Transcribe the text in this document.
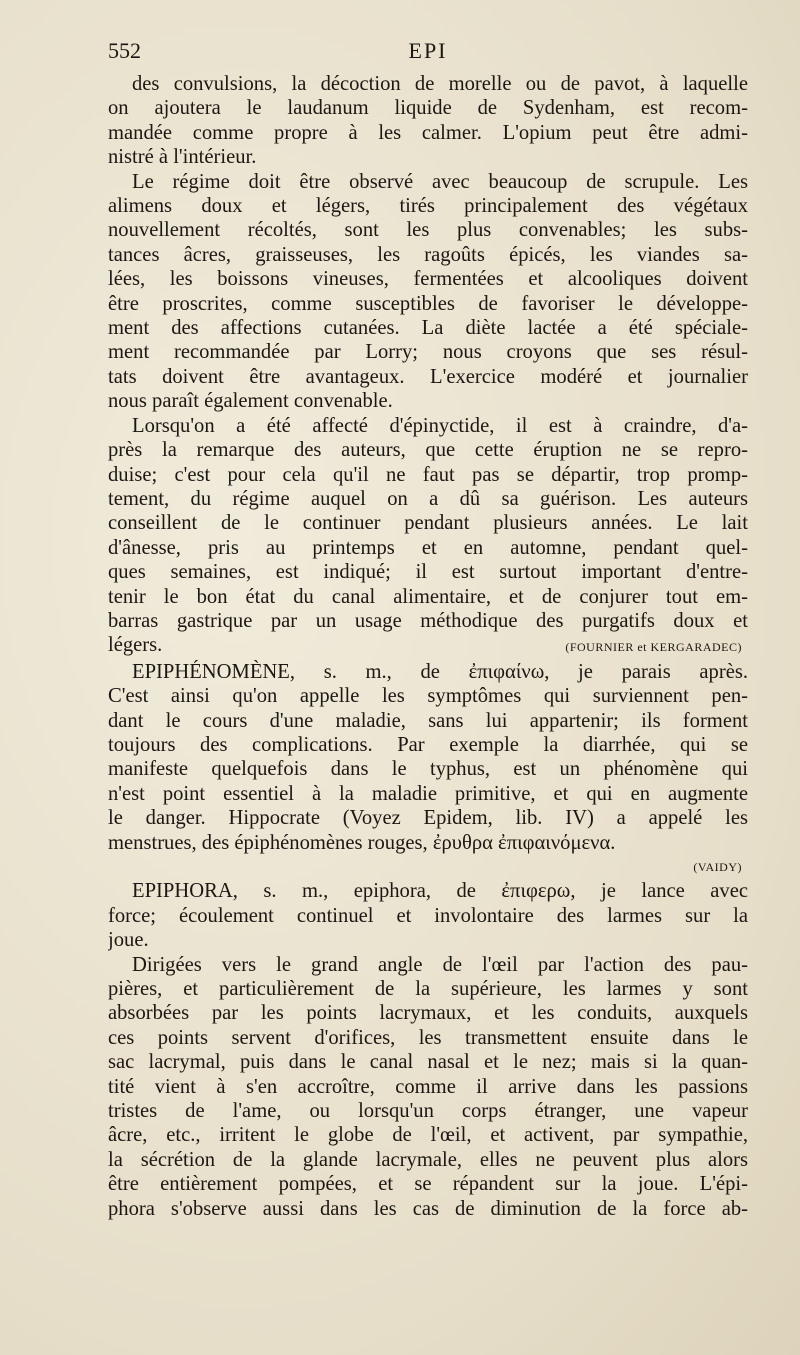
552	EPI
des convulsions, la décoction de morelle ou de pavot, à laquelle
on ajoutera le laudanum liquide de Sydenham, est recom-
mandée comme propre à les calmer. L'opium peut être admi-
nistré à l'intérieur.
Le régime doit être observé avec beaucoup de scrupule. Les
alimens doux et légers, tirés principalement des végétaux
nouvellement récoltés, sont les plus convenables; les subs-
tances âcres, graisseuses, les ragoûts épicés, les viandes sa-
lées, les boissons vineuses, fermentées et alcooliques doivent
être proscrites, comme susceptibles de favoriser le développe-
ment des affections cutanées. La diète lactée a été spéciale-
ment recommandée par Lorry; nous croyons que ses résul-
tats doivent être avantageux. L'exercice modéré et journalier
nous paraît également convenable.
Lorsqu'on a été affecté d'épinyctide, il est à craindre, d'a-
près la remarque des auteurs, que cette éruption ne se repro-
duise; c'est pour cela qu'il ne faut pas se départir, trop promp-
tement, du régime auquel on a dû sa guérison. Les auteurs
conseillent de le continuer pendant plusieurs années. Le lait
d'ânesse, pris au printemps et en automne, pendant quel-
ques semaines, est indiqué; il est surtout important d'entre-
tenir le bon état du canal alimentaire, et de conjurer tout em-
barras gastrique par un usage méthodique des purgatifs doux et
légers.	(FOURNIER et KERGARADEC)
EPIPHÉNOMÈNE, s. m., de ἐπιφαίνω, je parais après.
C'est ainsi qu'on appelle les symptômes qui surviennent pen-
dant le cours d'une maladie, sans lui appartenir; ils forment
toujours des complications. Par exemple la diarrhée, qui se
manifeste quelquefois dans le typhus, est un phénomène qui
n'est point essentiel à la maladie primitive, et qui en augmente
le danger. Hippocrate (Voyez Epidem, lib. IV) a appelé les
menstrues, des épiphénomènes rouges, ἐρυθρα ἐπιφαινόμενα.
(VAIDY)
EPIPHORA, s. m., epiphora, de ἐπιφερω, je lance avec
force; écoulement continuel et involontaire des larmes sur la
joue.
Dirigées vers le grand angle de l'œil par l'action des pau-
pières, et particulièrement de la supérieure, les larmes y sont
absorbées par les points lacrymaux, et les conduits, auxquels
ces points servent d'orifices, les transmettent ensuite dans le
sac lacrymal, puis dans le canal nasal et le nez; mais si la quan-
tité vient à s'en accroître, comme il arrive dans les passions
tristes de l'ame, ou lorsqu'un corps étranger, une vapeur
âcre, etc., irritent le globe de l'œil, et activent, par sympathie,
la sécrétion de la glande lacrymale, elles ne peuvent plus alors
être entièrement pompées, et se répandent sur la joue. L'épi-
phora s'observe aussi dans les cas de diminution de la force ab-
